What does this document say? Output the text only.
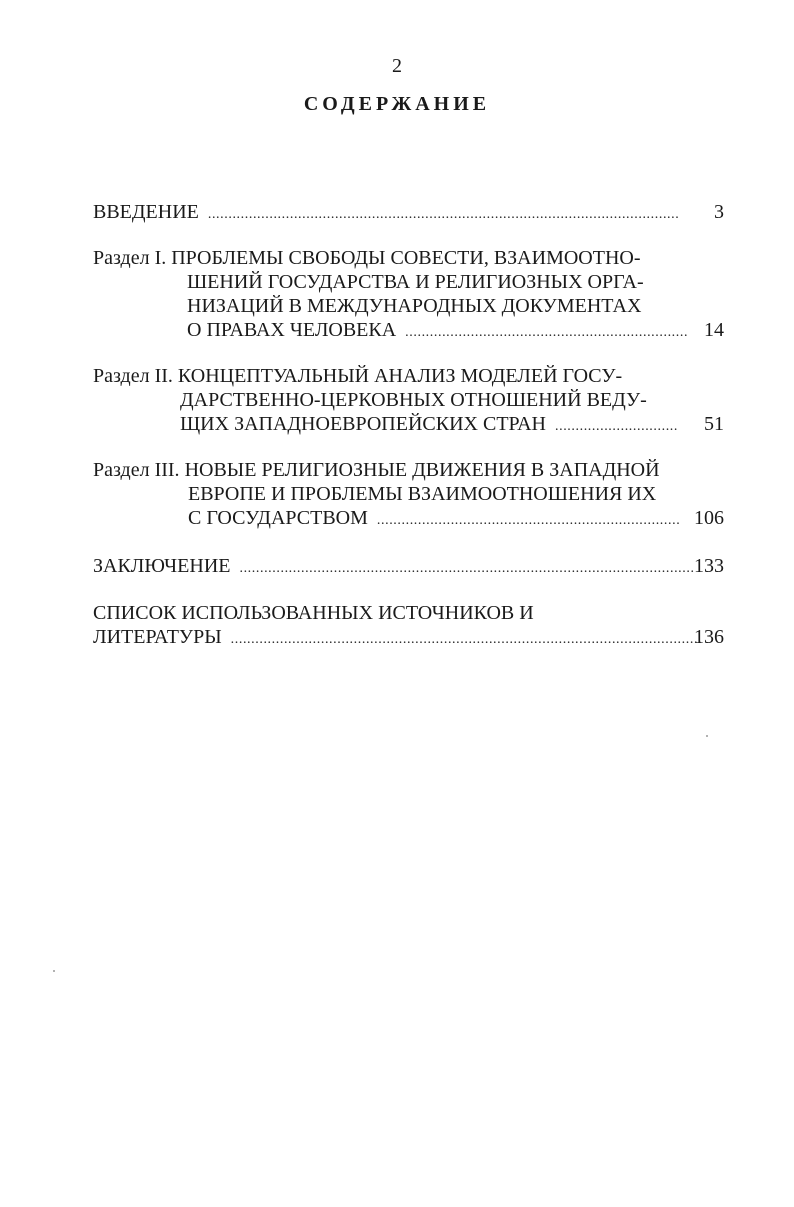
2
СОДЕРЖАНИЕ
ВВЕДЕНИЕ ................................................................................................................... 3
Раздел I. ПРОБЛЕМЫ СВОБОДЫ СОВЕСТИ, ВЗАИМООТНО-
ШЕНИЙ ГОСУДАРСТВА И РЕЛИГИОЗНЫХ ОРГА-
НИЗАЦИЙ В МЕЖДУНАРОДНЫХ ДОКУМЕНТАХ
О ПРАВАХ ЧЕЛОВЕКА ..................................................................... 14
Раздел II. КОНЦЕПТУАЛЬНЫЙ АНАЛИЗ МОДЕЛЕЙ ГОСУ-
ДАРСТВЕННО-ЦЕРКОВНЫХ ОТНОШЕНИЙ ВЕДУ-
ЩИХ ЗАПАДНОЕВРОПЕЙСКИХ СТРАН .............................. 51
Раздел III. НОВЫЕ РЕЛИГИОЗНЫЕ ДВИЖЕНИЯ В ЗАПАДНОЙ
ЕВРОПЕ И ПРОБЛЕМЫ ВЗАИМООТНОШЕНИЯ ИХ
С ГОСУДАРСТВОМ .......................................................................... 106
ЗАКЛЮЧЕНИЕ ............................................................................................................... 133
СПИСОК ИСПОЛЬЗОВАННЫХ ИСТОЧНИКОВ И
ЛИТЕРАТУРЫ ...................................................................................................................
136
